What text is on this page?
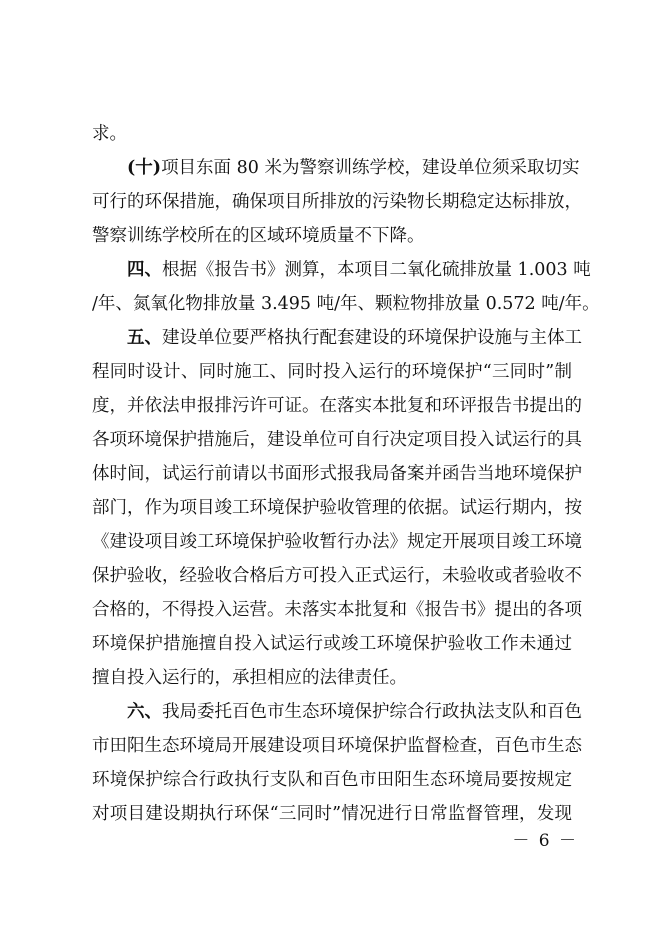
求。
(十)项目东面 80 米为警察训练学校，建设单位须采取切实
可行的环保措施，确保项目所排放的污染物长期稳定达标排放，
警察训练学校所在的区域环境质量不下降。
四、根据《报告书》测算，本项目二氧化硫排放量 1.003 吨
/年、氮氧化物排放量 3.495 吨/年、颗粒物排放量 0.572 吨/年。
五、建设单位要严格执行配套建设的环境保护设施与主体工
程同时设计、同时施工、同时投入运行的环境保护“三同时”制
度，并依法申报排污许可证。在落实本批复和环评报告书提出的
各项环境保护措施后，建设单位可自行决定项目投入试运行的具
体时间，试运行前请以书面形式报我局备案并函告当地环境保护
部门，作为项目竣工环境保护验收管理的依据。试运行期内，按
《建设项目竣工环境保护验收暂行办法》规定开展项目竣工环境
保护验收，经验收合格后方可投入正式运行，未验收或者验收不
合格的，不得投入运营。未落实本批复和《报告书》提出的各项
环境保护措施擅自投入试运行或竣工环境保护验收工作未通过
擅自投入运行的，承担相应的法律责任。
六、我局委托百色市生态环境保护综合行政执法支队和百色
市田阳生态环境局开展建设项目环境保护监督检查，百色市生态
环境保护综合行政执行支队和百色市田阳生态环境局要按规定
对项目建设期执行环保“三同时”情况进行日常监督管理，发现
－ 6 －
